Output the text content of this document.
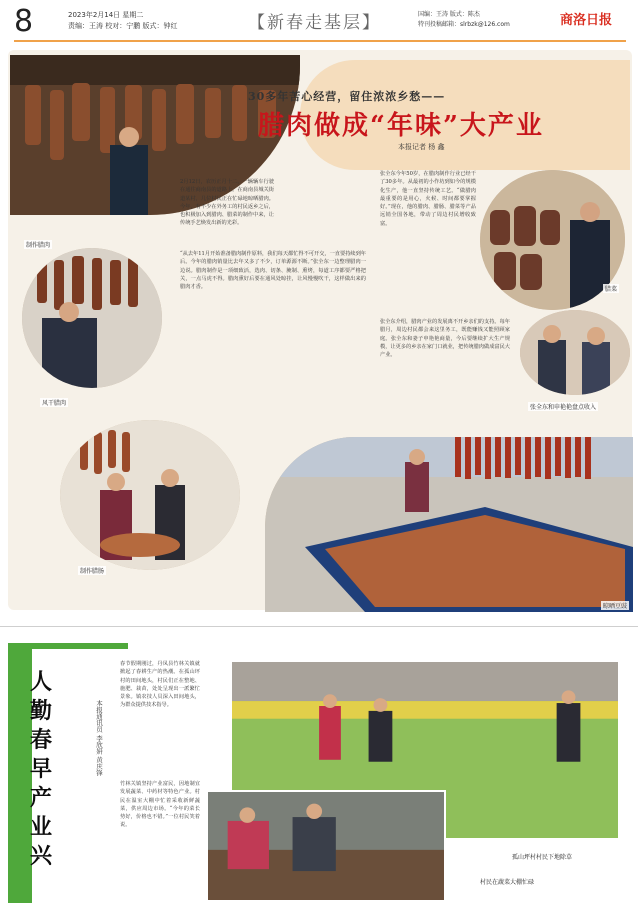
8	2023年2月14日 星期二
责编：王涛 校对：宁鹏 版式：钟红	【新春走基层】	国编：王涛 版式：陈杰
特刊投稿邮箱：slrbzk@126.com	商洛日报
制作腊肉
风干腊肉
30多年苦心经营，留住浓浓乡愁——
腊肉做成“年味”大产业
本报记者 杨 鑫
2月12日，农历正月十二，一辆辆车行驶在通往商南县的道路上。在商南县城关街道某村，几位村民正在忙碌地晾晒腊肉。今年，有不少在外务工的村民返乡之后，也积极加入到腊肉、腊菜的制作中来，让传统手艺焕发出新的光彩。
“从去年11月开始准备腊肉制作原料，我们每天都忙得不可开交，一直要持续到年后。今年的腊肉销量比去年又多了不少，订单源源不断。”张全东一边整理腊肉一边说。腊肉制作是一项细致活，选肉、切条、腌制、熏烤，每道工序都要严格把关，一点马虎不得。腊肉熏好后要在通风处晾挂，让风慢慢吹干，这样做出来的腊肉才香。
张全东今年50岁，在腊肉制作行业已经干了30多年。从最初的小作坊到如今的规模化生产，他一直坚持传统工艺。“做腊肉最重要的是用心，火候、时间都要掌握好。”现在，他的腊肉、腊肠、腊菜等产品远销全国各地，带动了周边村民增收致富。
张全东介绍，腊肉产业的发展离不开乡亲们的支持。每年腊月，周边村民都会来这里务工，既能赚钱又能照顾家庭。张全东和妻子申艳艳商量，今后要继续扩大生产规模，让更多的乡亲在家门口就业，把传统腊肉做成富民大产业。
腊菜
张全东和申艳艳盘点收入
制作腊肠
晾晒豆豉
人勤春早产业兴
本报通讯员 李欣妍 黄庆锋
春节假期刚过，丹凤县竹林关镇就掀起了春耕生产的热潮。在孤山坪村的田间地头，村民们正在整地、施肥、栽苗，处处呈现出一派繁忙景象。镇农技人员深入田间地头，为群众提供技术指导。
竹林关镇坚持产业富民，因地制宜发展蔬菜、中药材等特色产业。村民在温室大棚中忙着采收新鲜蔬菜，供应周边市场。“今年的菜长势好，价格也不错。”一位村民笑着说。
孤山坪村村民下地除草
村民在蔬菜大棚忙碌
